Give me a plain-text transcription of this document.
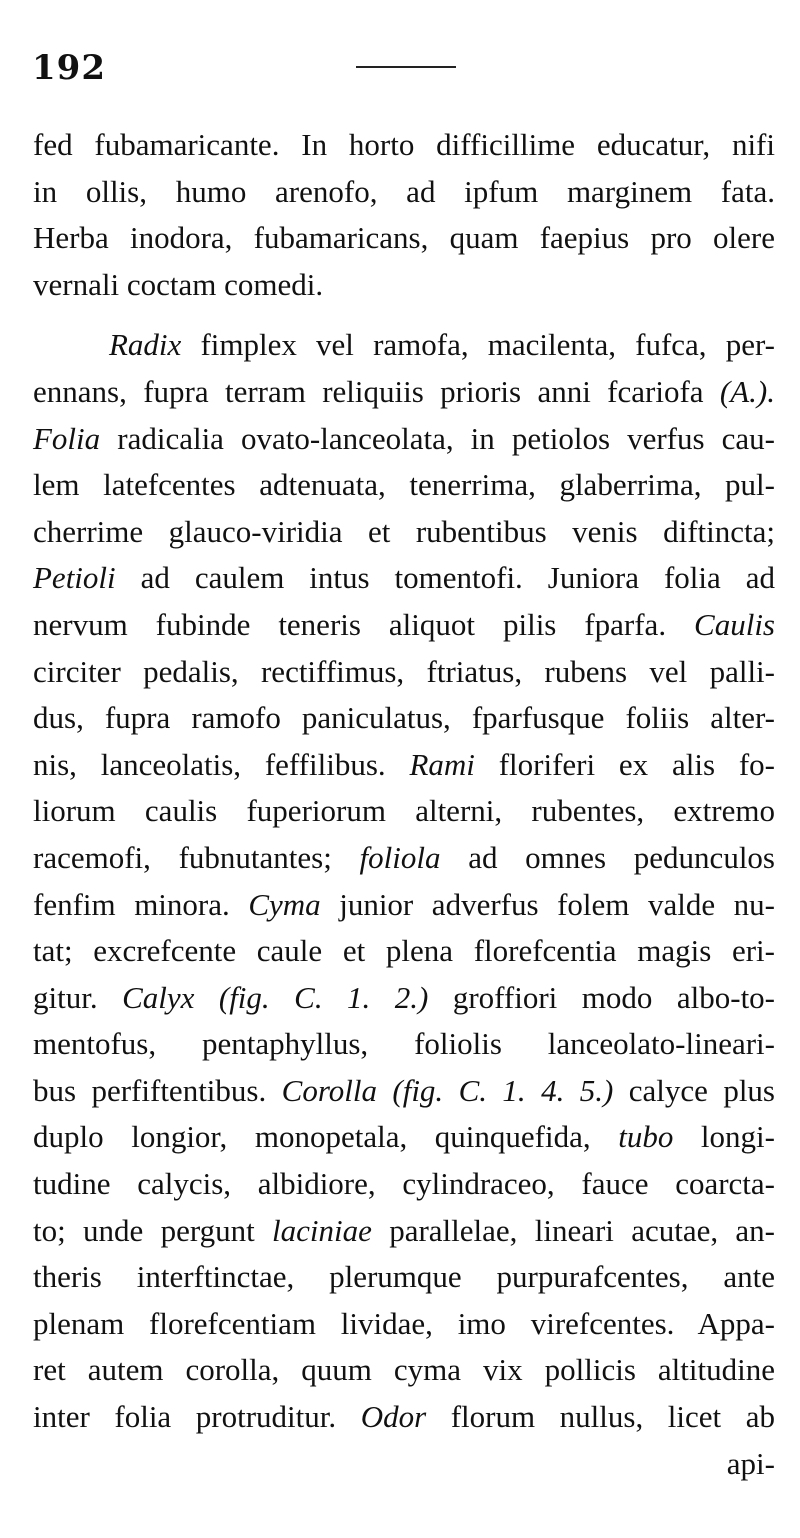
192
fed fubamaricante. In horto difficillime educatur, nifi
in ollis, humo arenofo, ad ipfum marginem fata.
Herba inodora, fubamaricans, quam faepius pro olere
vernali coctam comedi.
Radix fimplex vel ramofa, macilenta, fufca, per-
ennans, fupra terram reliquiis prioris anni fcariofa (A.).
Folia radicalia ovato-lanceolata, in petiolos verfus cau-
lem latefcentes adtenuata, tenerrima, glaberrima, pul-
cherrime glauco-viridia et rubentibus venis diftincta;
Petioli ad caulem intus tomentofi. Juniora folia ad
nervum fubinde teneris aliquot pilis fparfa. Caulis
circiter pedalis, rectiffimus, ftriatus, rubens vel palli-
dus, fupra ramofo paniculatus, fparfusque foliis alter-
nis, lanceolatis, feffilibus. Rami floriferi ex alis fo-
liorum caulis fuperiorum alterni, rubentes, extremo
racemofi, fubnutantes; foliola ad omnes pedunculos
fenfim minora. Cyma junior adverfus folem valde nu-
tat; excrefcente caule et plena florefcentia magis eri-
gitur. Calyx (fig. C. 1. 2.) groffiori modo albo-to-
mentofus, pentaphyllus, foliolis lanceolato-lineari-
bus perfiftentibus. Corolla (fig. C. 1. 4. 5.) calyce plus
duplo longior, monopetala, quinquefida, tubo longi-
tudine calycis, albidiore, cylindraceo, fauce coarcta-
to; unde pergunt laciniae parallelae, lineari acutae, an-
theris interftinctae, plerumque purpurafcentes, ante
plenam florefcentiam lividae, imo virefcentes. Appa-
ret autem corolla, quum cyma vix pollicis altitudine
inter folia protruditur. Odor florum nullus, licet ab
api-
